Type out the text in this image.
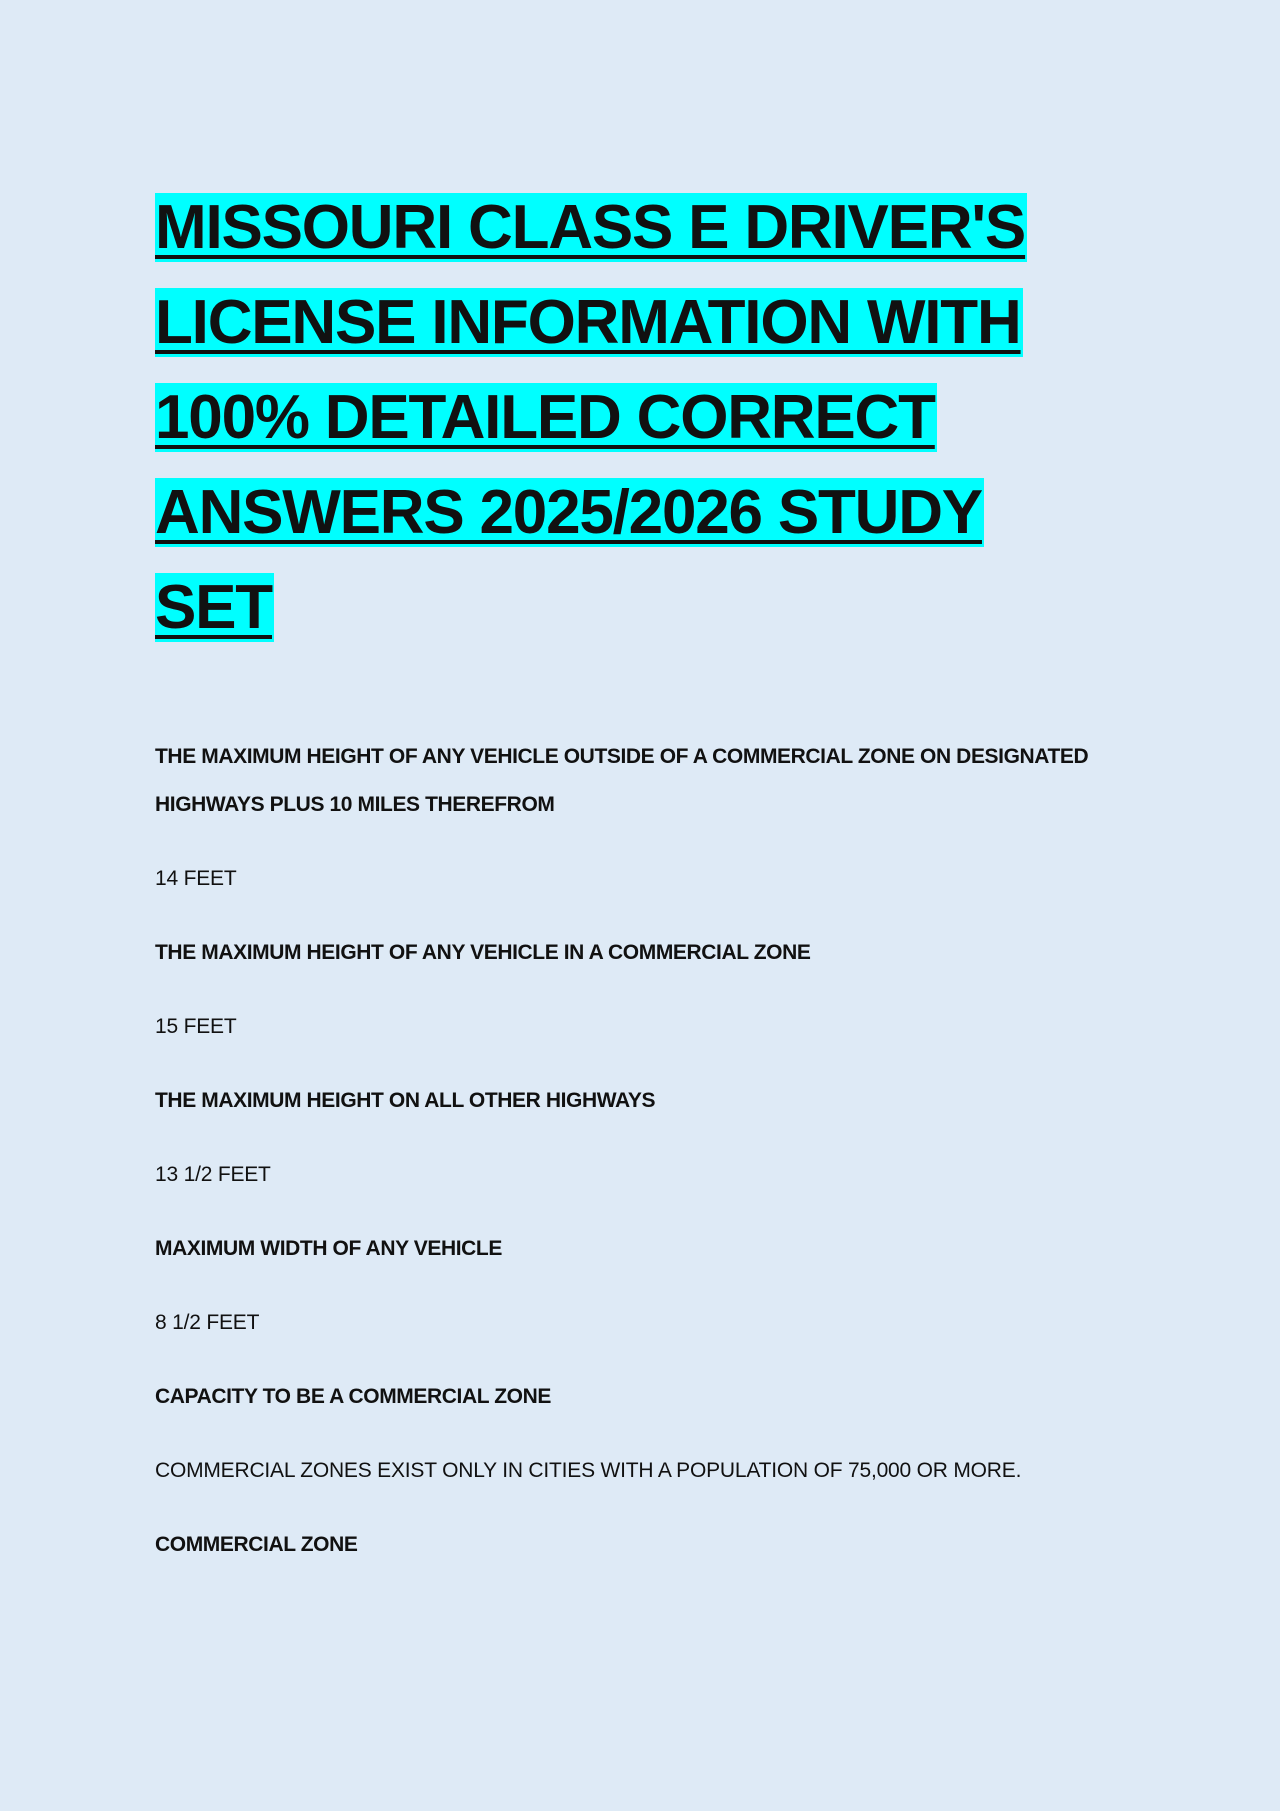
MISSOURI CLASS E DRIVER'S LICENSE INFORMATION WITH 100% DETAILED CORRECT ANSWERS 2025/2026 STUDY SET

THE MAXIMUM HEIGHT OF ANY VEHICLE OUTSIDE OF A COMMERCIAL ZONE ON DESIGNATED HIGHWAYS PLUS 10 MILES THEREFROM

14 FEET

THE MAXIMUM HEIGHT OF ANY VEHICLE IN A COMMERCIAL ZONE

15 FEET

THE MAXIMUM HEIGHT ON ALL OTHER HIGHWAYS

13 1/2 FEET

MAXIMUM WIDTH OF ANY VEHICLE

8 1/2 FEET

CAPACITY TO BE A COMMERCIAL ZONE

COMMERCIAL ZONES EXIST ONLY IN CITIES WITH A POPULATION OF 75,000 OR MORE.

COMMERCIAL ZONE
